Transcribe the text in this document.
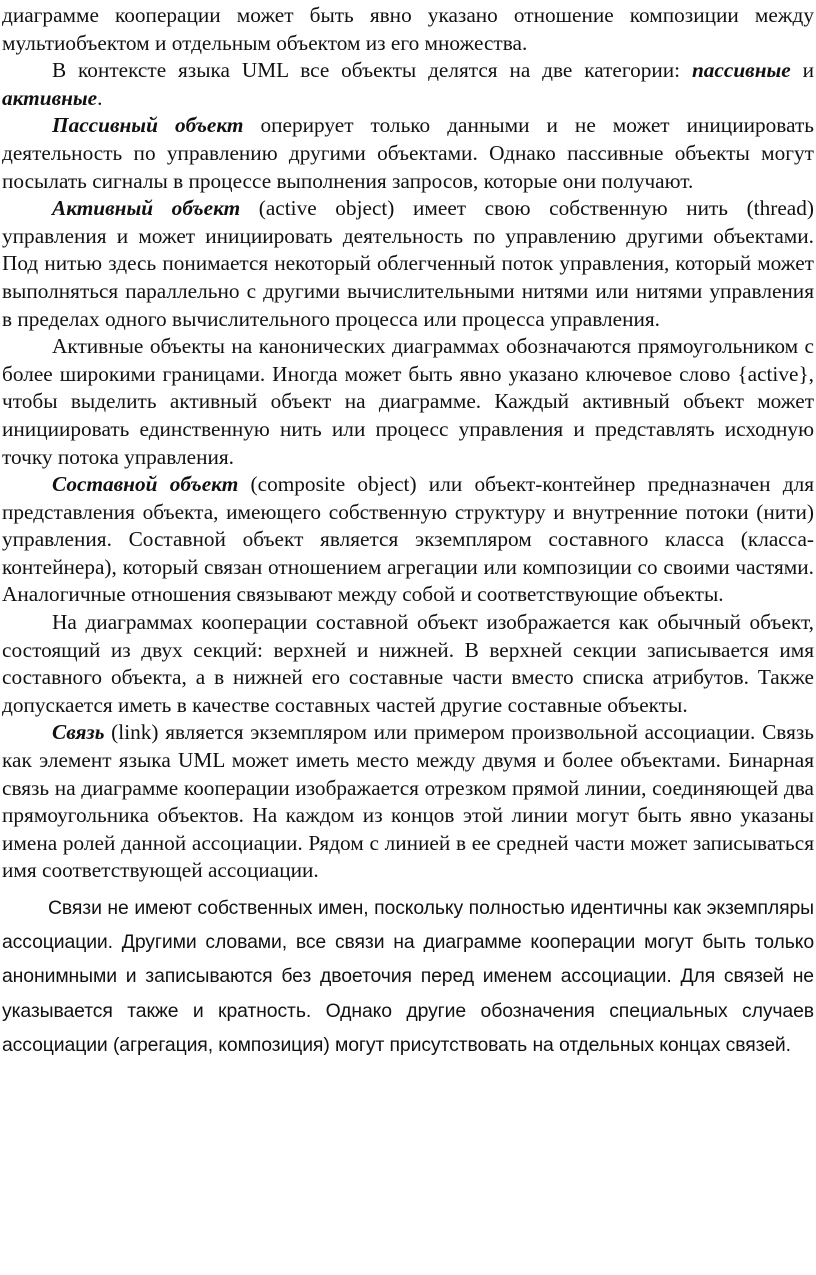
диаграмме кооперации может быть явно указано отношение композиции между мультиобъектом и отдельным объектом из его множества.

В контексте языка UML все объекты делятся на две категории: пассивные и активные.

Пассивный объект оперирует только данными и не может инициировать деятельность по управлению другими объектами. Однако пассивные объекты могут посылать сигналы в процессе выполнения запросов, которые они получают.

Активный объект (active object) имеет свою собственную нить (thread) управления и может инициировать деятельность по управлению другими объектами. Под нитью здесь понимается некоторый облегченный поток управления, который может выполняться параллельно с другими вычислительными нитями или нитями управления в пределах одного вычислительного процесса или процесса управления.

Активные объекты на канонических диаграммах обозначаются прямоугольником с более широкими границами. Иногда может быть явно указано ключевое слово {active}, чтобы выделить активный объект на диаграмме. Каждый активный объект может инициировать единственную нить или процесс управления и представлять исходную точку потока управления.

Составной объект (composite object) или объект-контейнер предназначен для представления объекта, имеющего собственную структуру и внутренние потоки (нити) управления. Составной объект является экземпляром составного класса (класса-контейнера), который связан отношением агрегации или композиции со своими частями. Аналогичные отношения связывают между собой и соответствующие объекты.

На диаграммах кооперации составной объект изображается как обычный объект, состоящий из двух секций: верхней и нижней. В верхней секции записывается имя составного объекта, а в нижней его составные части вместо списка атрибутов. Также допускается иметь в качестве составных частей другие составные объекты.

Связь (link) является экземпляром или примером произвольной ассоциации. Связь как элемент языка UML может иметь место между двумя и более объектами. Бинарная связь на диаграмме кооперации изображается отрезком прямой линии, соединяющей два прямоугольника объектов. На каждом из концов этой линии могут быть явно указаны имена ролей данной ассоциации. Рядом с линией в ее средней части может записываться имя соответствующей ассоциации.

Связи не имеют собственных имен, поскольку полностью идентичны как экземпляры ассоциации. Другими словами, все связи на диаграмме кооперации могут быть только анонимными и записываются без двоеточия перед именем ассоциации. Для связей не указывается также и кратность. Однако другие обозначения специальных случаев ассоциации (агрегация, композиция) могут присутствовать на отдельных концах связей.
